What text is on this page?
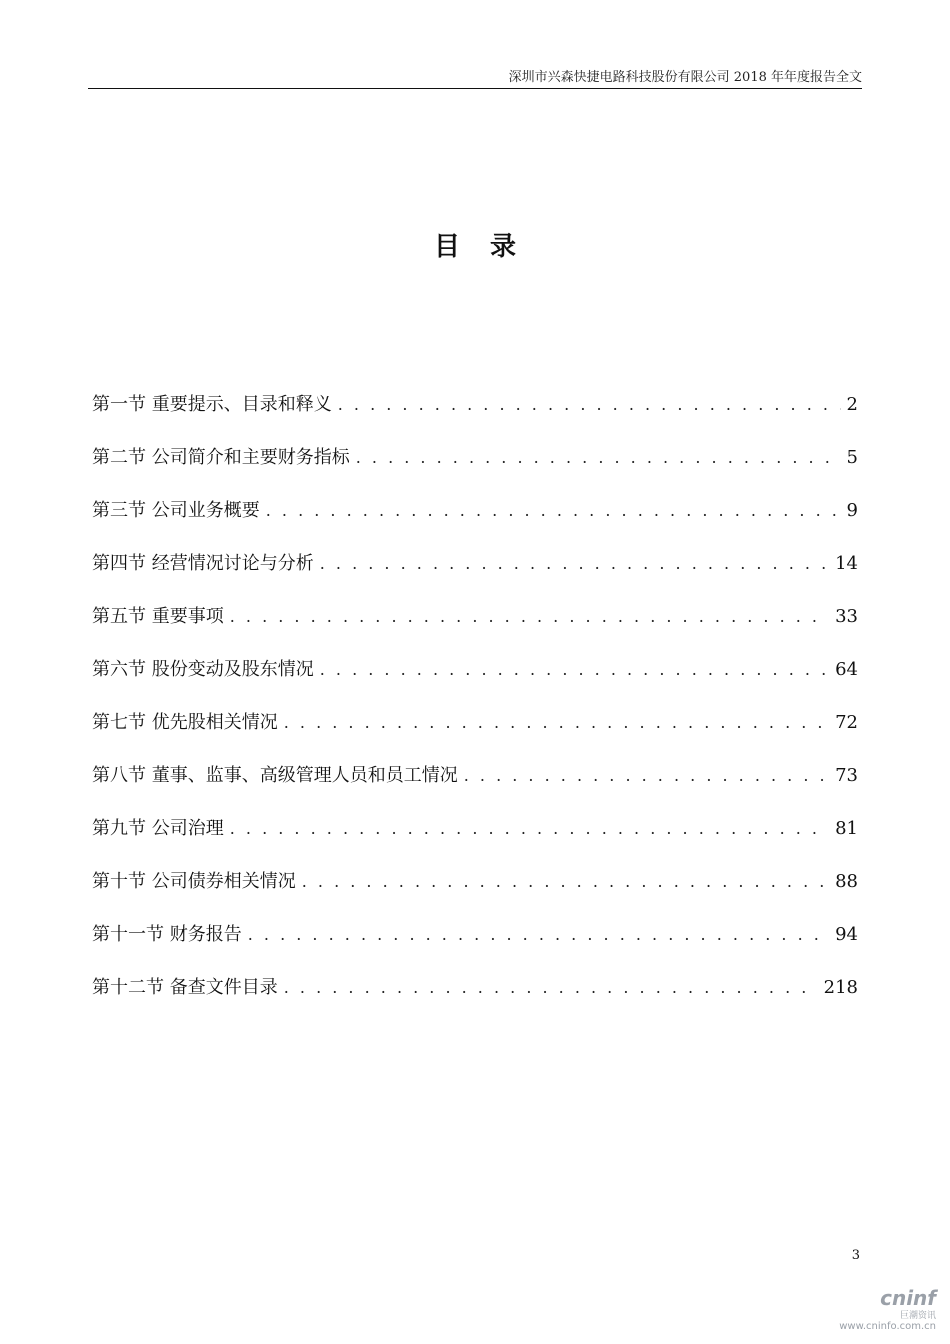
深圳市兴森快捷电路科技股份有限公司 2018 年年度报告全文
目录
第一节 重要提示、目录和释义 . . .	2
第二节 公司简介和主要财务指标 . . .	5
第三节 公司业务概要 . . .	9
第四节 经营情况讨论与分析 . . .	14
第五节 重要事项 . . .	33
第六节 股份变动及股东情况 . . .	64
第七节 优先股相关情况 . . .	72
第八节 董事、监事、高级管理人员和员工情况 . . .	73
第九节 公司治理 . . .	81
第十节 公司债券相关情况 . . .	88
第十一节 财务报告 . . .	94
第十二节 备查文件目录 . . .	218
3
cninf
巨潮资讯
www.cninfo.com.cn
